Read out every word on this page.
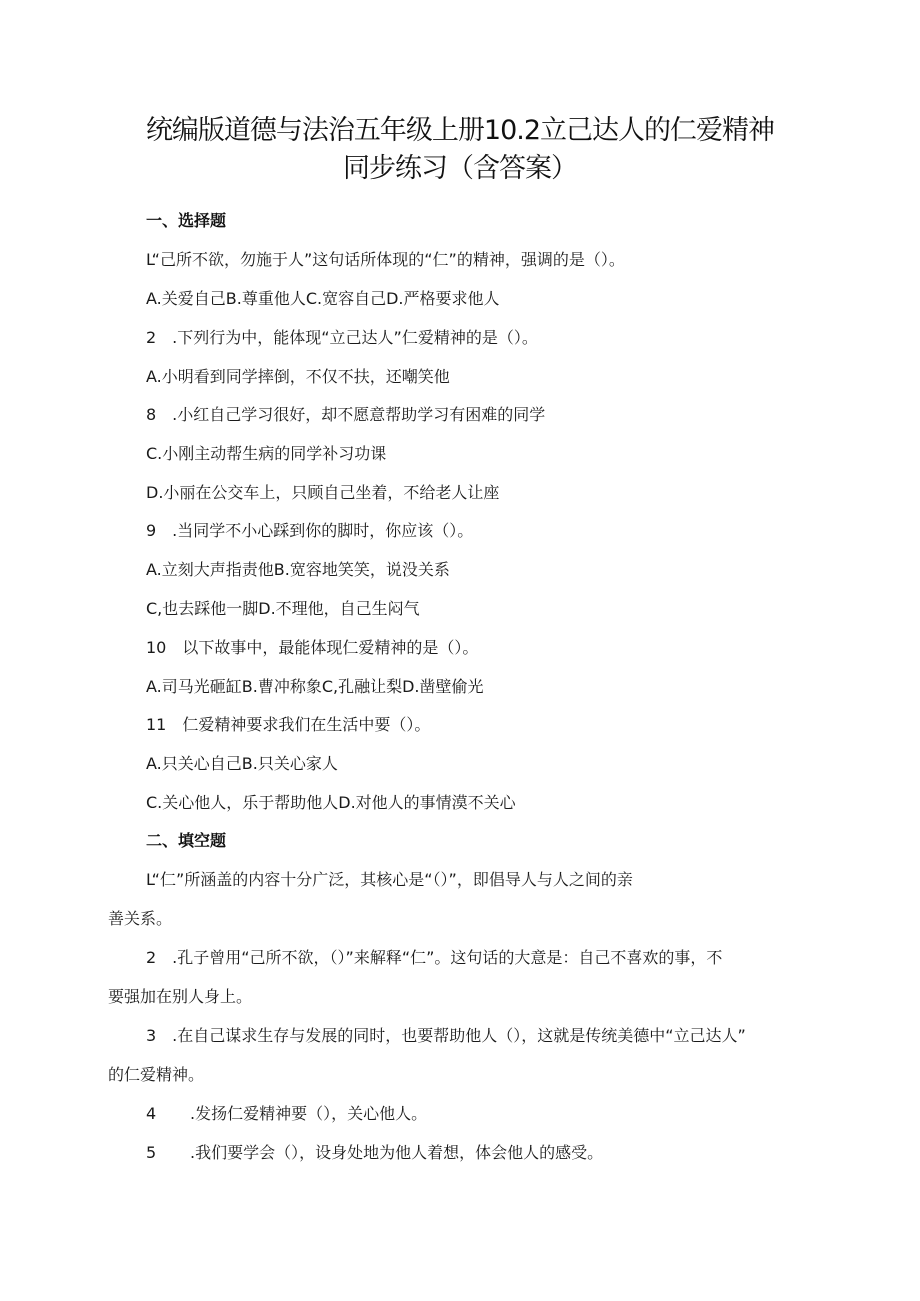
统编版道德与法治五年级上册10.2立己达人的仁爱精神
同步练习（含答案）
一、选择题
L“己所不欲，勿施于人”这句话所体现的“仁”的精神，强调的是（）。
A.关爱自己B.尊重他人C.宽容自己D.严格要求他人
2　.下列行为中，能体现“立己达人”仁爱精神的是（）。
A.小明看到同学摔倒，不仅不扶，还嘲笑他
8　.小红自己学习很好，却不愿意帮助学习有困难的同学
C.小刚主动帮生病的同学补习功课
D.小丽在公交车上，只顾自己坐着，不给老人让座
9　.当同学不小心踩到你的脚时，你应该（）。
A.立刻大声指责他B.宽容地笑笑，说没关系
C,也去踩他一脚D.不理他，自己生闷气
10　以下故事中，最能体现仁爱精神的是（）。
A.司马光砸缸B.曹冲称象C,孔融让梨D.凿壁偷光
11　仁爱精神要求我们在生活中要（）。
A.只关心自己B.只关心家人
C.关心他人，乐于帮助他人D.对他人的事情漠不关心
二、填空题
L“仁”所涵盖的内容十分广泛，其核心是“（）”，即倡导人与人之间的亲
善关系。
2　.孔子曾用“己所不欲，（）”来解释“仁”。这句话的大意是：自己不喜欢的事，不
要强加在别人身上。
3　.在自己谋求生存与发展的同时，也要帮助他人（），这就是传统美德中“立己达人”
的仁爱精神。
4 .发扬仁爱精神要（），关心他人。
5 .我们要学会（），设身处地为他人着想，体会他人的感受。
